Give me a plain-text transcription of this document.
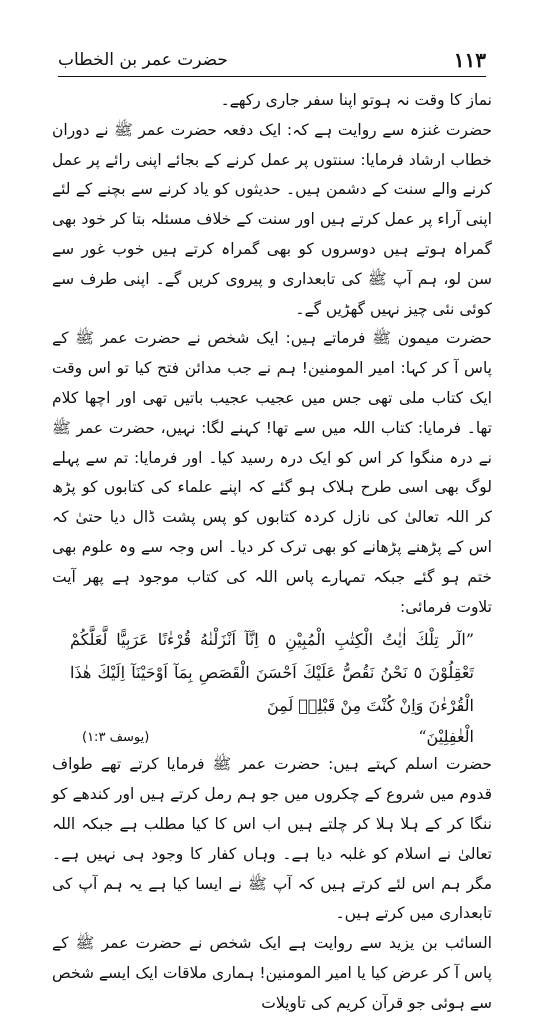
حضرت عمر بن الخطاب	۱۱۳

نماز کا وقت نہ ہوتو اپنا سفر جاری رکھے۔

حضرت غنزہ سے روایت ہے کہ: ایک دفعہ حضرت عمر ﷺ نے دوران خطاب ارشاد فرمایا: سنتوں پر عمل کرنے کے بجائے اپنی رائے پر عمل کرنے والے سنت کے دشمن ہیں۔ حدیثوں کو یاد کرنے سے بچنے کے لئے اپنی آراء پر عمل کرتے ہیں اور سنت کے خلاف مسئلہ بتا کر خود بھی گمراہ ہوتے ہیں دوسروں کو بھی گمراہ کرتے ہیں خوب غور سے سن لو، ہم آپ ﷺ کی تابعداری و پیروی کریں گے۔ اپنی طرف سے کوئی نئی چیز نہیں گھڑیں گے۔

حضرت میمون ﷺ فرماتے ہیں: ایک شخص نے حضرت عمر ﷺ کے پاس آ کر کہا: امیر المومنین! ہم نے جب مدائن فتح کیا تو اس وقت ایک کتاب ملی تھی جس میں عجیب عجیب باتیں تھی اور اچھا کلام تھا۔ فرمایا: کتاب اللہ میں سے تھا! کہنے لگا: نہیں، حضرت عمر ﷺ نے درہ منگوا کر اس کو ایک درہ رسید کیا۔ اور فرمایا: تم سے پہلے لوگ بھی اسی طرح ہلاک ہو گئے کہ اپنے علماء کی کتابوں کو پڑھ کر اللہ تعالیٰ کی نازل کردہ کتابوں کو پس پشت ڈال دیا حتیٰ کہ اس کے پڑھنے پڑھانے کو بھی ترک کر دیا۔ اس وجہ سے وہ علوم بھی ختم ہو گئے جبکہ تمہارے پاس اللہ کی کتاب موجود ہے پھر آیت تلاوت فرمائی:

”الٓر تِلْكَ اٰيٰتُ الْكِتٰبِ الْمُبِيْنِ ٥ اِنَّآ اَنْزَلْنٰهُ قُرْءٰنًا عَرَبِيًّا لَّعَلَّكُمْ تَعْقِلُوْنَ ٥ نَحْنُ نَقُصُّ عَلَيْكَ اَحْسَنَ الْقَصَصِ بِمَآ اَوْحَيْنَآ اِلَيْكَ هٰذَا الْقُرْءٰنَ وَاِنْ كُنْتَ مِنْ قَبْلِهٖ لَمِنَ
الْغٰفِلِيْنَ“
(یوسف ۱:۳)

حضرت اسلم کہتے ہیں: حضرت عمر ﷺ فرمایا کرتے تھے طواف قدوم میں شروع کے چکروں میں جو ہم رمل کرتے ہیں اور کندھے کو ننگا کر کے ہلا ہلا کر چلتے ہیں اب اس کا کیا مطلب ہے جبکہ اللہ تعالیٰ نے اسلام کو غلبہ دیا ہے۔ وہاں کفار کا وجود ہی نہیں ہے۔ مگر ہم اس لئے کرتے ہیں کہ آپ ﷺ نے ایسا کیا ہے یہ ہم آپ کی تابعداری میں کرتے ہیں۔

السائب بن یزید سے روایت ہے ایک شخص نے حضرت عمر ﷺ کے پاس آ کر عرض کیا یا امیر المومنین! ہماری ملاقات ایک ایسے شخص سے ہوئی جو قرآن کریم کی تاویلات
